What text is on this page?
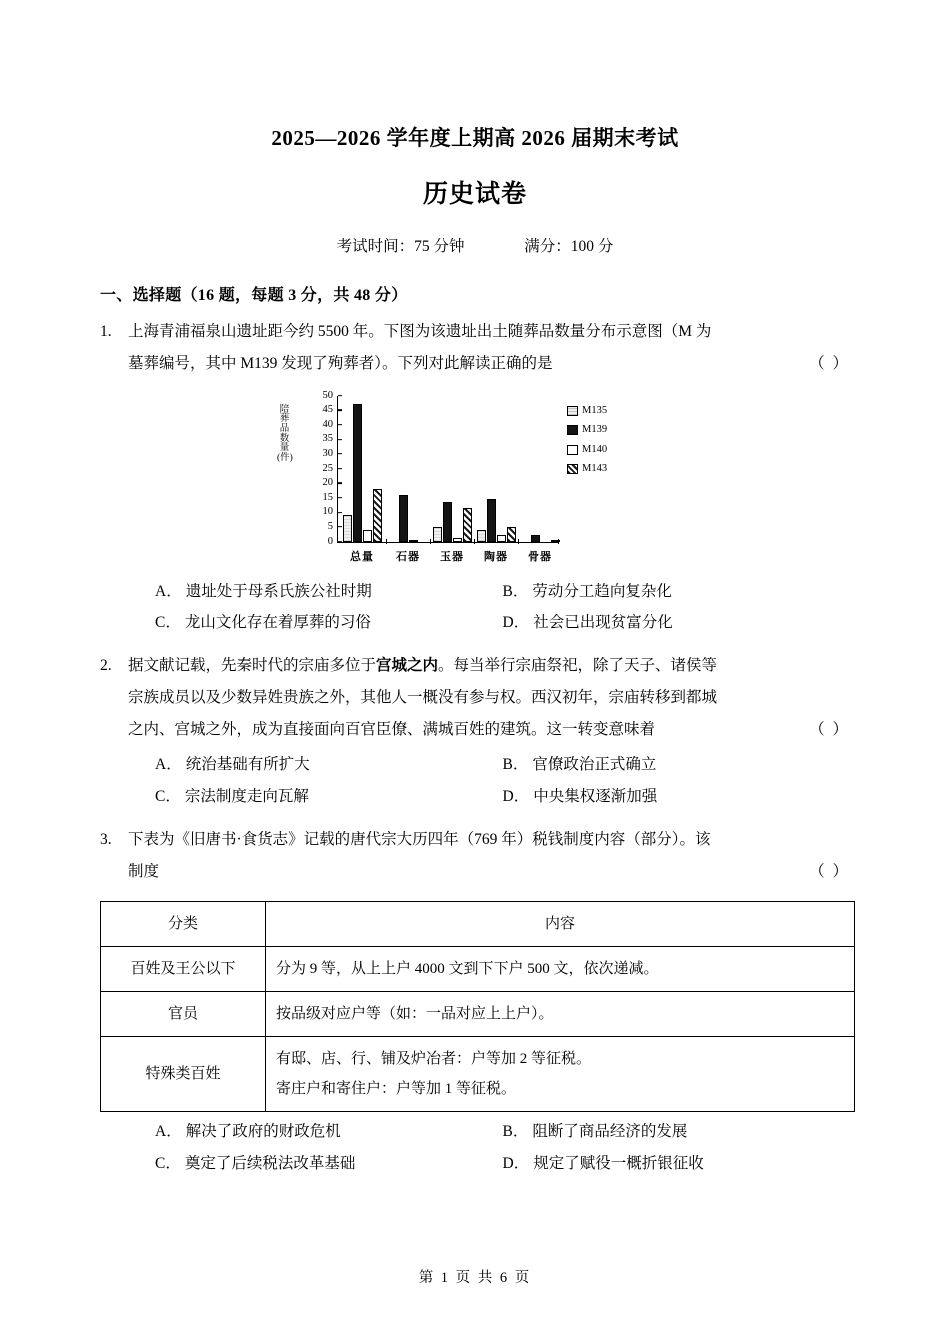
2025—2026 学年度上期高 2026 届期末考试
历史试卷
考试时间：75 分钟	满分：100 分
一、选择题（16 题，每题 3 分，共 48 分）
1.	上海青浦福泉山遗址距今约 5500 年。下图为该遗址出土随葬品数量分布示意图（M 为

（ ）
墓葬编号，其中 M139 发现了殉葬者）。下列对此解读正确的是
陪葬品数量(件)
50
45
40
35
30
25
20
15
10
5
0
总量 石器 玉器 陶器 骨器
M135
M139
M140
M143
A． 遗址处于母系氏族公社时期	B． 劳动分工趋向复杂化
C． 龙山文化存在着厚葬的习俗	D． 社会已出现贫富分化
2.	据文献记载，先秦时代的宗庙多位于宫城之内。每当举行宗庙祭祀，除了天子、诸侯等
宗族成员以及少数异姓贵族之外，其他人一概没有参与权。西汉初年，宗庙转移到都城

（ ）
之内、宫城之外，成为直接面向百官臣僚、满城百姓的建筑。这一转变意味着
A． 统治基础有所扩大	B． 官僚政治正式确立
C． 宗法制度走向瓦解	D． 中央集权逐渐加强
3.	下表为《旧唐书·食货志》记载的唐代宗大历四年（769 年）税钱制度内容（部分）。该

（ ）
制度
分类	内容
百姓及王公以下	分为 9 等，从上上户 4000 文到下下户 500 文，依次递减。

官员	按品级对应户等（如：一品对应上上户）。

特殊类百姓	有邸、店、行、铺及炉冶者：户等加 2 等征税。
寄庄户和寄住户：户等加 1 等征税。
A． 解决了政府的财政危机	B． 阻断了商品经济的发展
C． 奠定了后续税法改革基础	D． 规定了赋役一概折银征收
第 1 页 共 6 页
